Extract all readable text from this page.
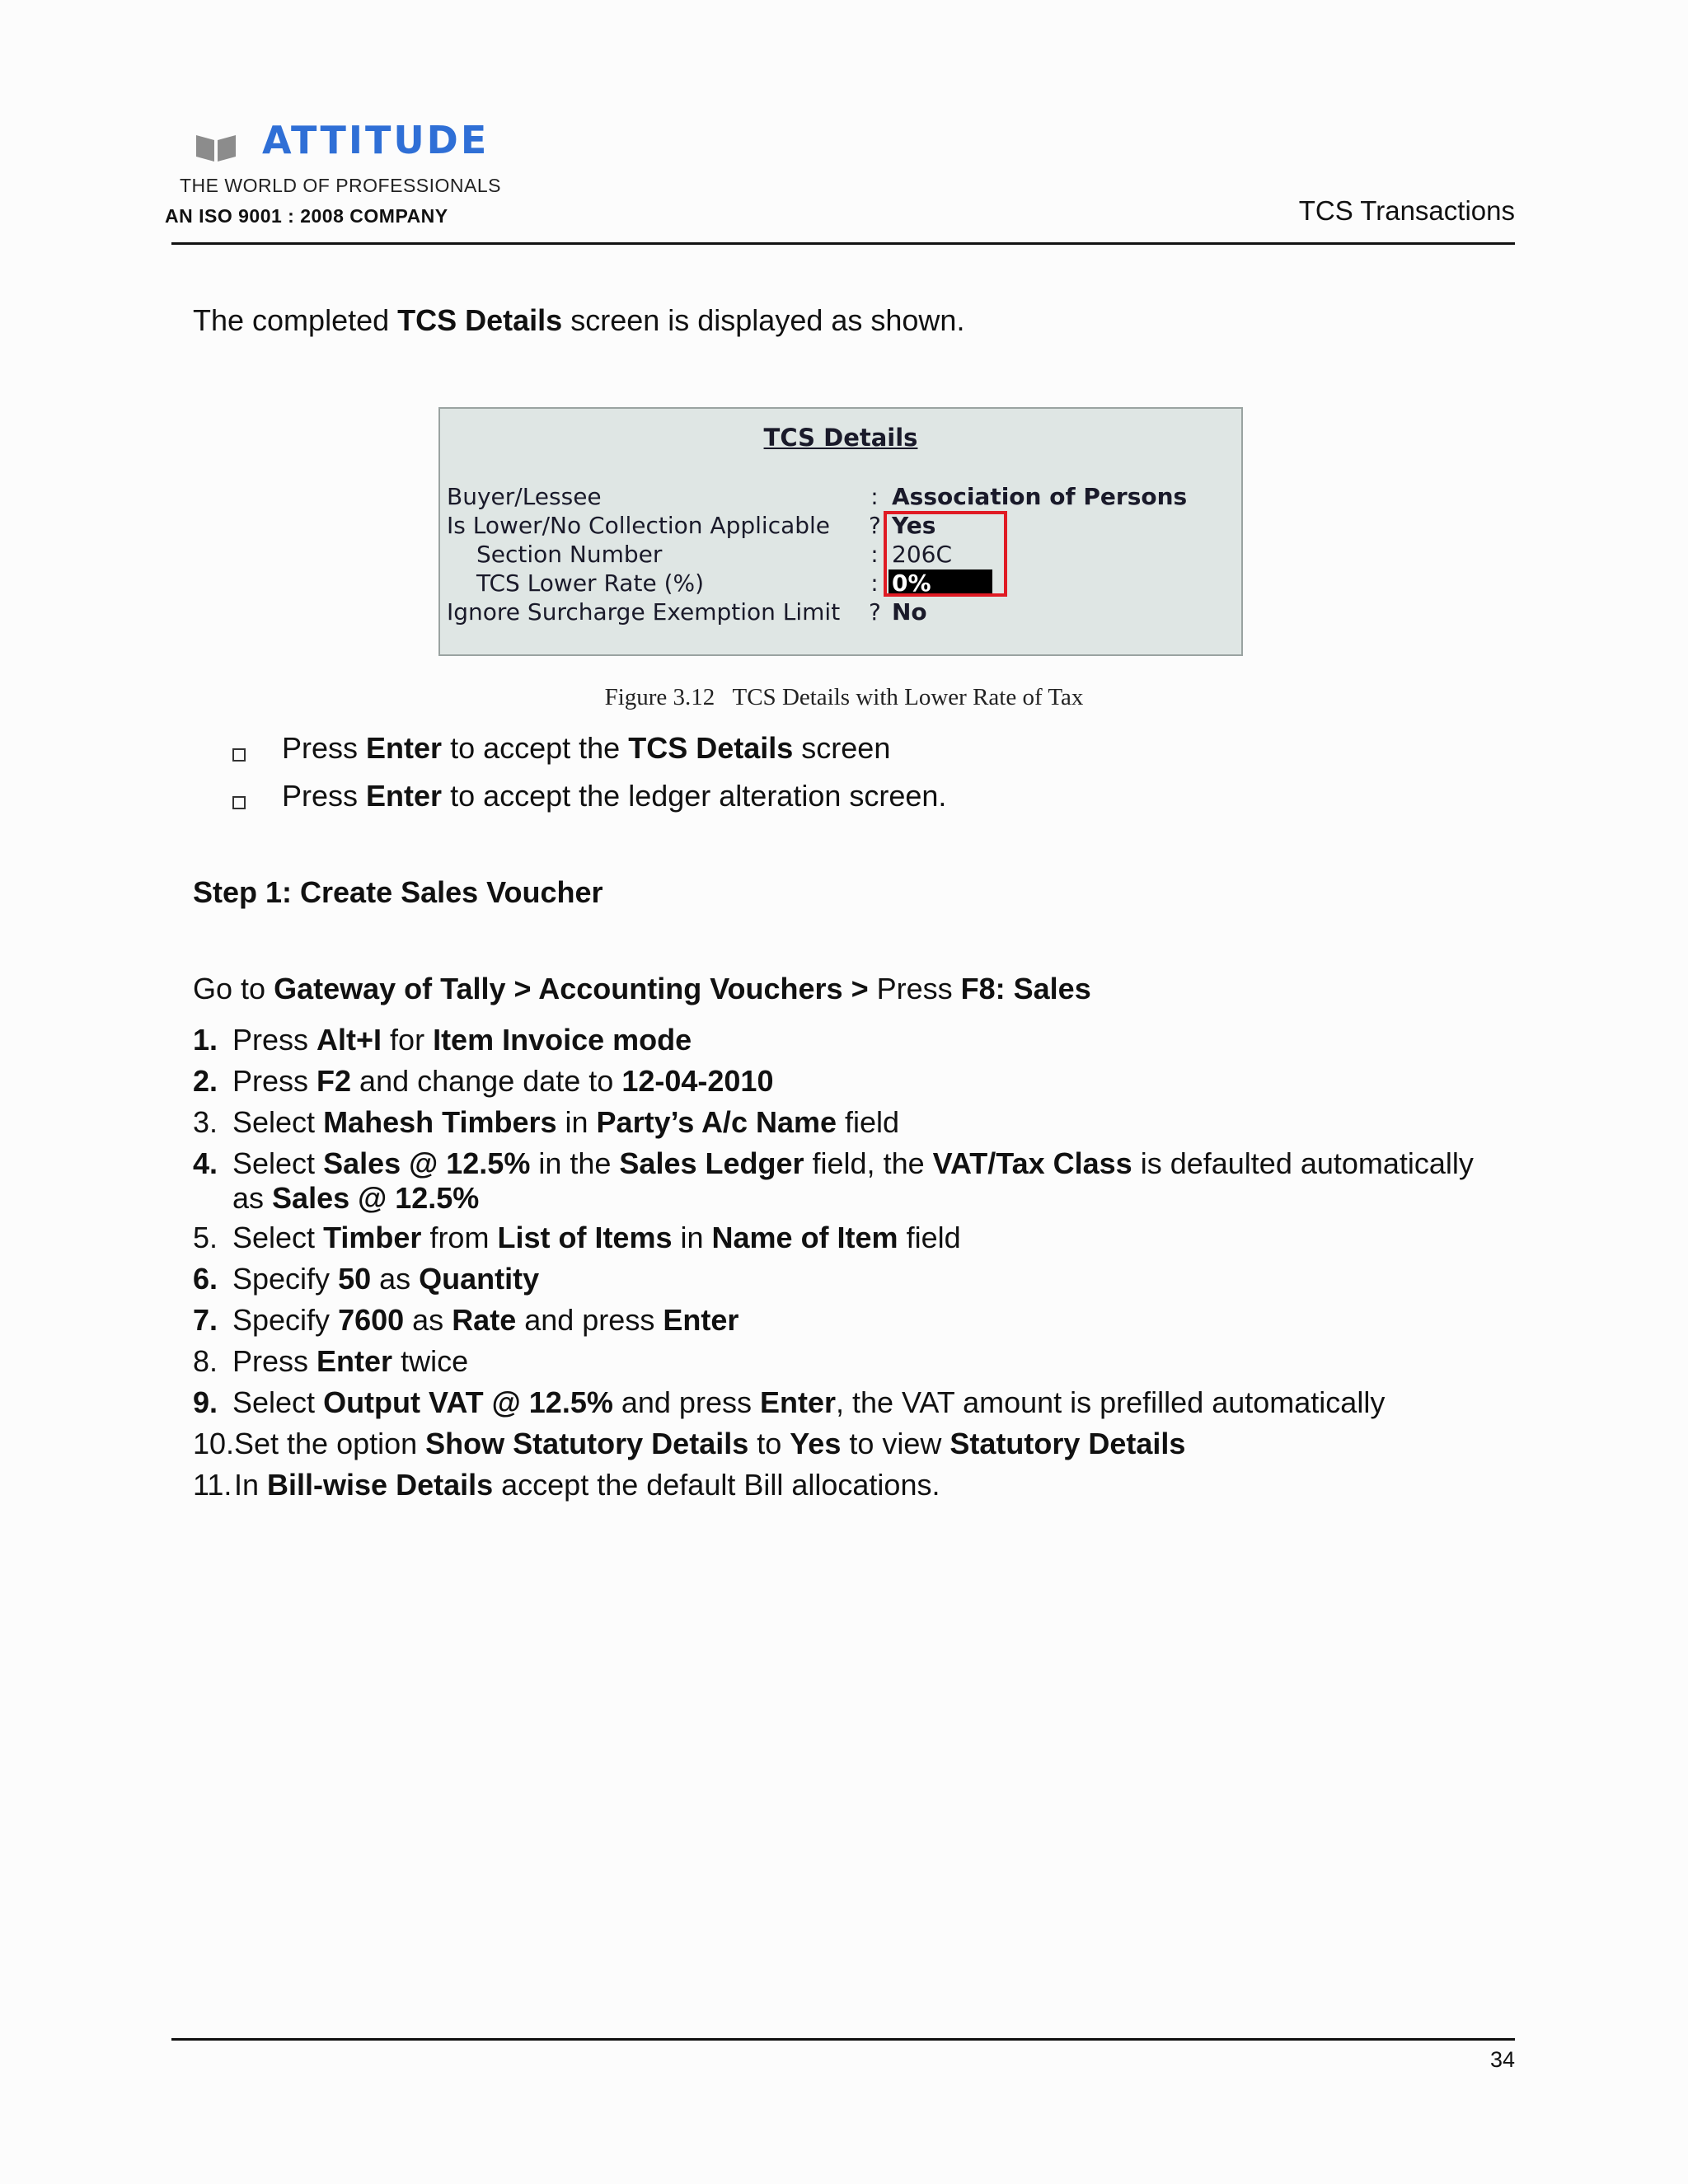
ATTITUDE
THE WORLD OF PROFESSIONALS
AN ISO 9001 : 2008 COMPANY	TCS Transactions
The completed TCS Details screen is displayed as shown.
TCS Details
Buyer/Lessee	: Association of Persons
Is Lower/No Collection Applicable ? Yes
Section Number	: 206C
TCS Lower Rate (%)	: 0%_
Ignore Surcharge Exemption Limit ? No
Figure 3.12   TCS Details with Lower Rate of Tax
Press Enter to accept the TCS Details screen
Press Enter to accept the ledger alteration screen.
Step 1: Create Sales Voucher
Go to Gateway of Tally > Accounting Vouchers > Press F8: Sales
1. Press Alt+I for Item Invoice mode
2. Press F2 and change date to 12-04-2010
3. Select Mahesh Timbers in Party’s A/c Name field
4. Select Sales @ 12.5% in the Sales Ledger field, the VAT/Tax Class is defaulted automatically
as Sales @ 12.5%
5. Select Timber from List of Items in Name of Item field
6. Specify 50 as Quantity
7. Specify 7600 as Rate and press Enter
8. Press Enter twice
9. Select Output VAT @ 12.5% and press Enter, the VAT amount is prefilled automatically
10. Set the option Show Statutory Details to Yes to view Statutory Details
11. In Bill-wise Details accept the default Bill allocations.
34
